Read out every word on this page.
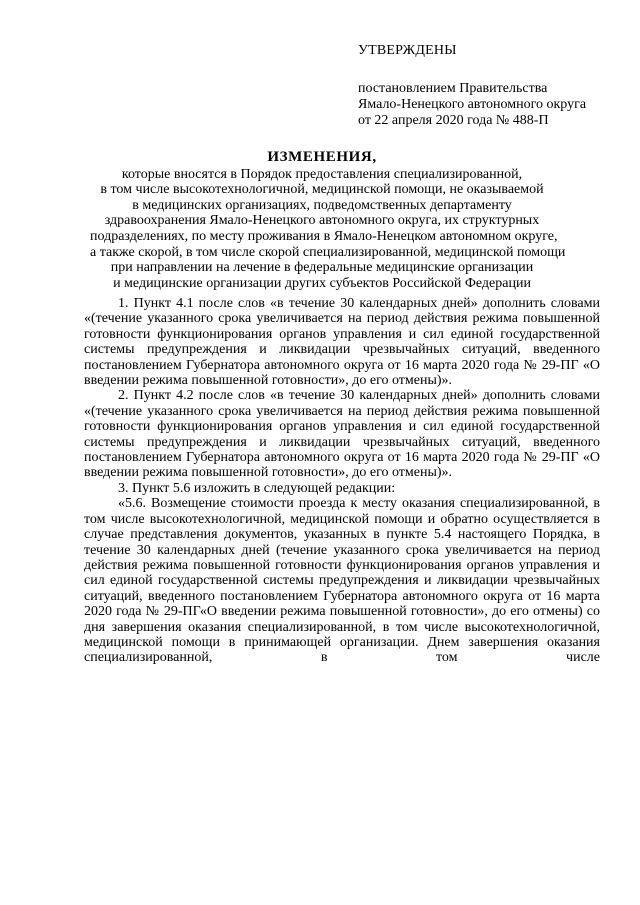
УТВЕРЖДЕНЫ
постановлением Правительства
Ямало-Ненецкого автономного округа
от 22 апреля 2020 года № 488-П
ИЗМЕНЕНИЯ,
которые вносятся в Порядок предоставления специализированной,
в том числе высокотехнологичной, медицинской помощи, не оказываемой
в медицинских организациях, подведомственных департаменту
здравоохранения Ямало-Ненецкого автономного округа, их структурных
подразделениях, по месту проживания в Ямало-Ненецком автономном округе,
а также скорой, в том числе скорой специализированной, медицинской помощи
при направлении на лечение в федеральные медицинские организации
и медицинские организации других субъектов Российской Федерации

1. Пункт 4.1 после слов «в течение 30 календарных дней» дополнить словами «(течение указанного срока увеличивается на период действия режима повышенной готовности функционирования органов управления и сил единой государственной системы предупреждения и ликвидации чрезвычайных ситуаций, введенного постановлением Губернатора автономного округа от 16 марта 2020 года № 29-ПГ «О введении режима повышенной готовности», до его отмены)».

2. Пункт 4.2 после слов «в течение 30 календарных дней» дополнить словами «(течение указанного срока увеличивается на период действия режима повышенной готовности функционирования органов управления и сил единой государственной системы предупреждения и ликвидации чрезвычайных ситуаций, введенного постановлением Губернатора автономного округа от 16 марта 2020 года № 29-ПГ «О введении режима повышенной готовности», до его отмены)».

3. Пункт 5.6 изложить в следующей редакции:

«5.6. Возмещение стоимости проезда к месту оказания специализированной, в том числе высокотехнологичной, медицинской помощи и обратно осуществляется в случае представления документов, указанных в пункте 5.4 настоящего Порядка, в течение 30 календарных дней (течение указанного срока увеличивается на период действия режима повышенной готовности функционирования органов управления и сил единой государственной системы предупреждения и ликвидации чрезвычайных ситуаций, введенного постановлением Губернатора автономного округа от 16 марта 2020 года № 29-ПГ«О введении режима повышенной готовности», до его отмены) со дня завершения оказания специализированной, в том числе высокотехнологичной, медицинской помощи в принимающей организации. Днем завершения оказания специализированной, в том числе
